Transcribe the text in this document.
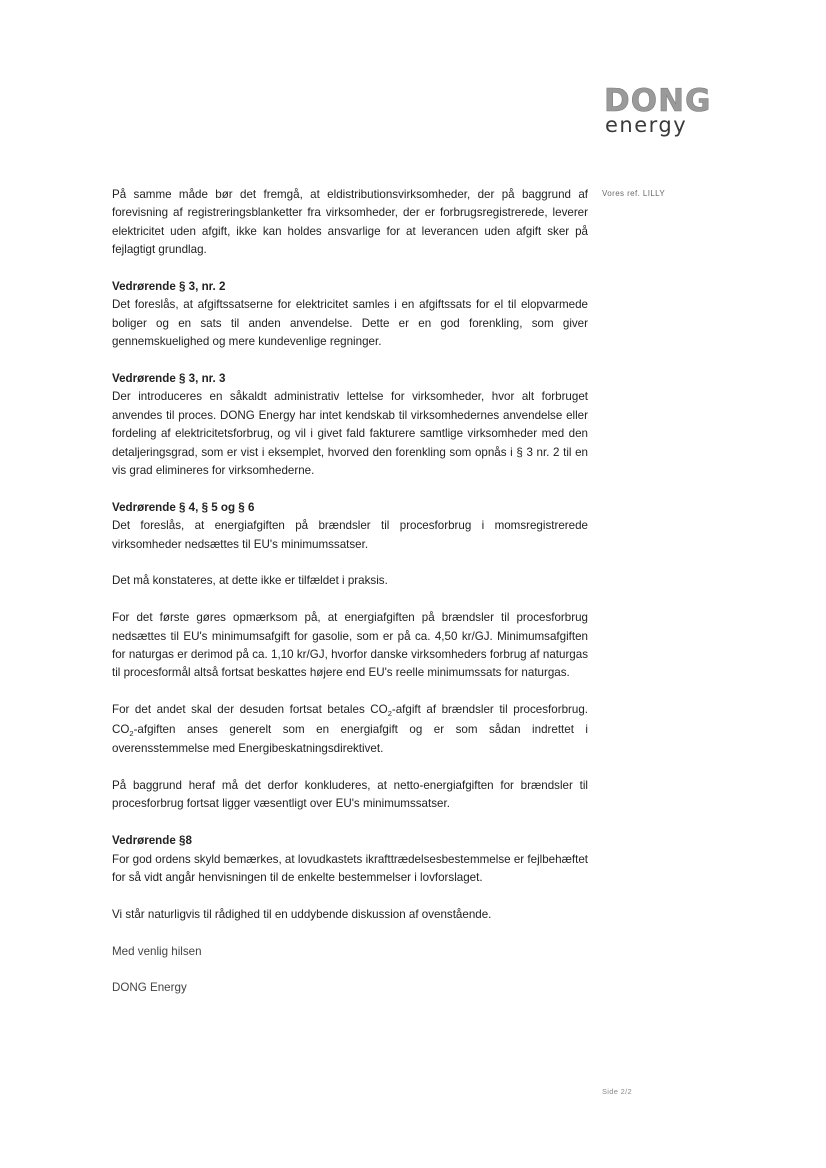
DONG
energy
Vores ref. LILLY

På samme måde bør det fremgå, at eldistributionsvirksomheder, der på baggrund af forevisning af registreringsblanketter fra virksomheder, der er forbrugsregistrerede, leverer elektricitet uden afgift, ikke kan holdes ansvarlige for at leverancen uden afgift sker på fejlagtigt grundlag.

Vedrørende § 3, nr. 2

Det foreslås, at afgiftssatserne for elektricitet samles i en afgiftssats for el til elopvarmede boliger og en sats til anden anvendelse. Dette er en god forenkling, som giver gennemskuelighed og mere kundevenlige regninger.

Vedrørende § 3, nr. 3

Der introduceres en såkaldt administrativ lettelse for virksomheder, hvor alt forbruget anvendes til proces. DONG Energy har intet kendskab til virksomhedernes anvendelse eller fordeling af elektricitetsforbrug, og vil i givet fald fakturere samtlige virksomheder med den detaljeringsgrad, som er vist i eksemplet, hvorved den forenkling som opnås i § 3 nr. 2 til en vis grad elimineres for virksomhederne.

Vedrørende § 4, § 5 og § 6

Det foreslås, at energiafgiften på brændsler til procesforbrug i momsregistrerede virksomheder nedsættes til EU's minimumssatser.

Det må konstateres, at dette ikke er tilfældet i praksis.

For det første gøres opmærksom på, at energiafgiften på brændsler til procesforbrug nedsættes til EU's minimumsafgift for gasolie, som er på ca. 4,50 kr/GJ. Minimumsafgiften for naturgas er derimod på ca. 1,10 kr/GJ, hvorfor danske virksomheders forbrug af naturgas til procesformål altså fortsat beskattes højere end EU's reelle minimumssats for naturgas.

For det andet skal der desuden fortsat betales $CO_2$-afgift af brændsler til procesforbrug. $CO_2$-afgiften anses generelt som en energiafgift og er som sådan indrettet i overensstemmelse med Energibeskatningsdirektivet.

På baggrund heraf må det derfor konkluderes, at netto-energiafgiften for brændsler til procesforbrug fortsat ligger væsentligt over EU's minimumssatser.

Vedrørende §8

For god ordens skyld bemærkes, at lovudkastets ikrafttrædelsesbestemmelse er fejlbehæftet for så vidt angår henvisningen til de enkelte bestemmelser i lovforslaget.

Vi står naturligvis til rådighed til en uddybende diskussion af ovenstående.

Med venlig hilsen

DONG Energy

Side 2/2
